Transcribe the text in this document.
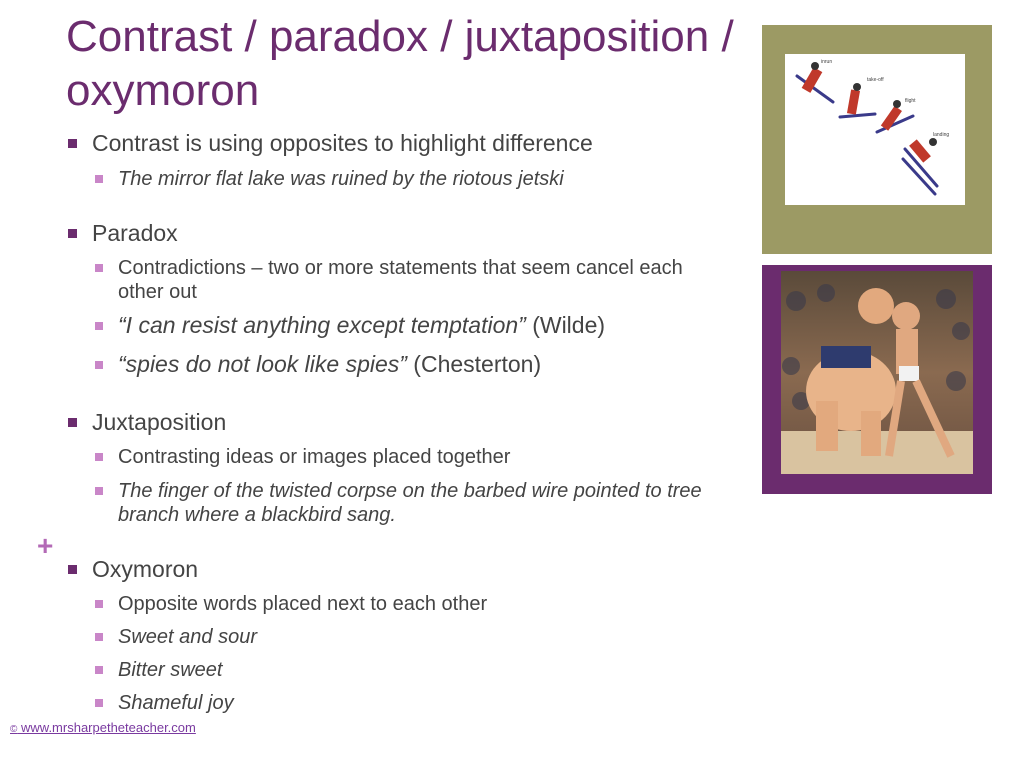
Contrast / paradox / juxtaposition / oxymoron
Contrast is using opposites to highlight difference
The mirror flat lake was ruined by the riotous jetski
Paradox
Contradictions – two or more statements that seem cancel each other out
“I can resist anything except temptation” (Wilde)
“spies do not look like spies” (Chesterton)
Juxtaposition
Contrasting ideas or images placed together
The finger of the twisted corpse on the barbed wire pointed to tree branch where a blackbird sang.
+
Oxymoron
Opposite words placed next to each other
Sweet and sour
Bitter sweet
Shameful joy
© www.mrsharpetheteacher.com
inrun
take-off
flight
landing
